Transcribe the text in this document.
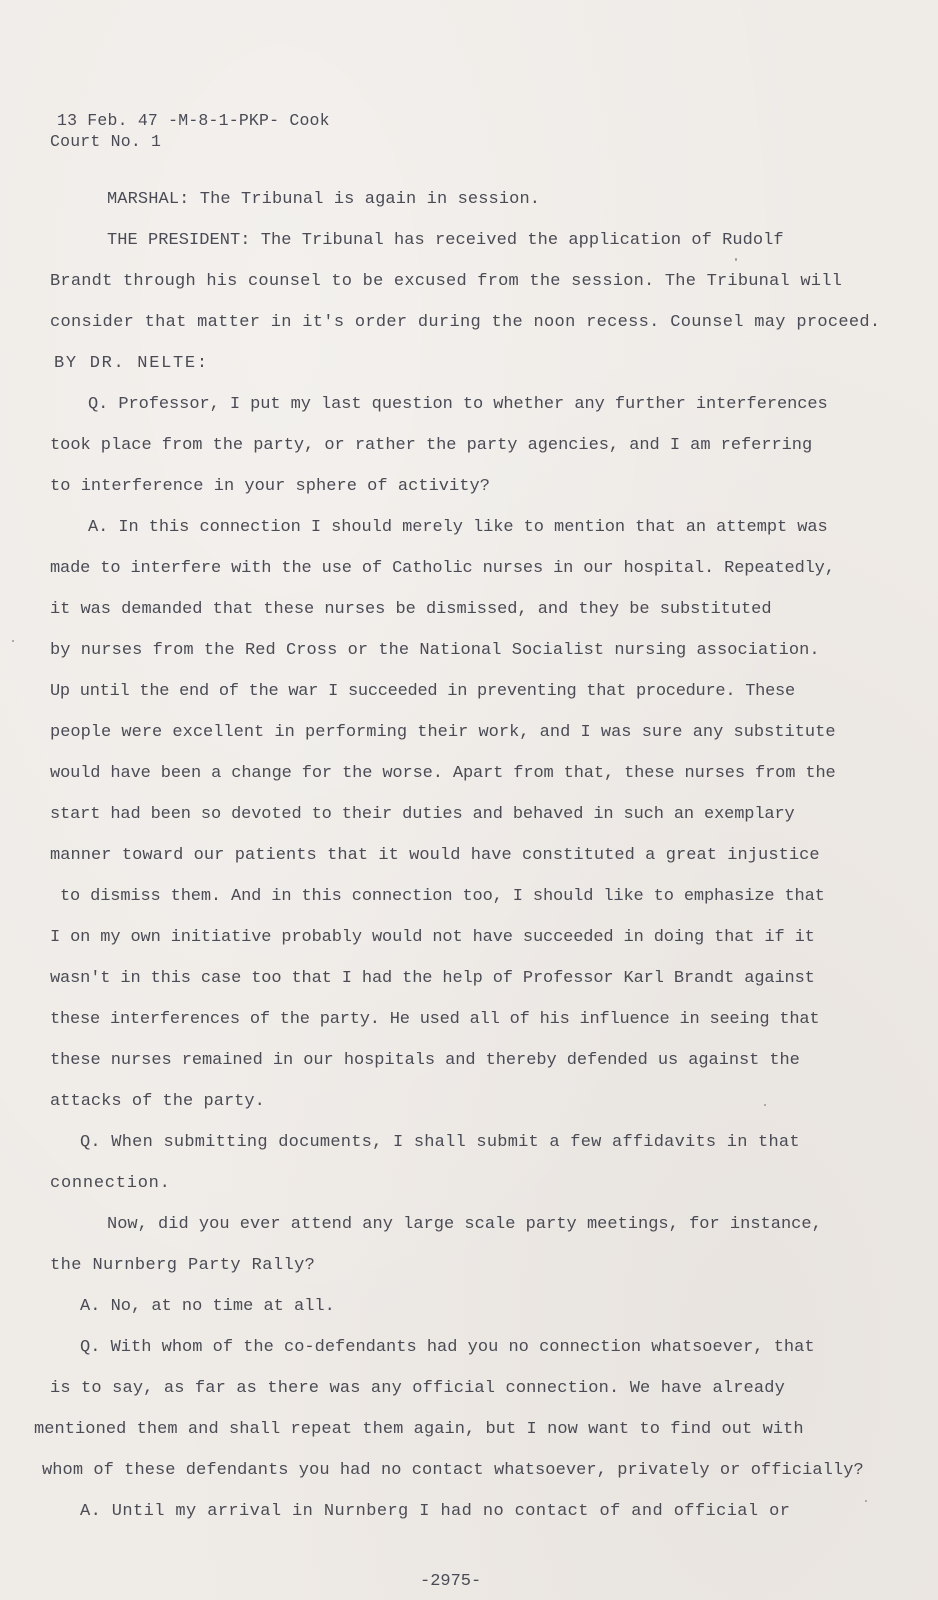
13 Feb. 47 -M-8-1-PKP- Cook
Court No. 1
MARSHAL: The Tribunal is again in session.
THE PRESIDENT: The Tribunal has received the application of Rudolf
Brandt through his counsel to be excused from the session. The Tribunal will
consider that matter in it's order during the noon recess. Counsel may proceed.
BY DR. NELTE:
Q. Professor, I put my last question to whether any further interferences
took place from the party, or rather the party agencies, and I am referring
to interference in your sphere of activity?
A. In this connection I should merely like to mention that an attempt was
made to interfere with the use of Catholic nurses in our hospital. Repeatedly,
it was demanded that these nurses be dismissed, and they be substituted
by nurses from the Red Cross or the National Socialist nursing association.
Up until the end of the war I succeeded in preventing that procedure. These
people were excellent in performing their work, and I was sure any substitute
would have been a change for the worse. Apart from that, these nurses from the
start had been so devoted to their duties and behaved in such an exemplary
manner toward our patients that it would have constituted a great injustice
to dismiss them. And in this connection too, I should like to emphasize that
I on my own initiative probably would not have succeeded in doing that if it
wasn't in this case too that I had the help of Professor Karl Brandt against
these interferences of the party. He used all of his influence in seeing that
these nurses remained in our hospitals and thereby defended us against the
attacks of the party.
Q. When submitting documents, I shall submit a few affidavits in that
connection.
Now, did you ever attend any large scale party meetings, for instance,
the Nurnberg Party Rally?
A. No, at no time at all.
Q. With whom of the co-defendants had you no connection whatsoever, that
is to say, as far as there was any official connection. We have already
mentioned them and shall repeat them again, but I now want to find out with
whom of these defendants you had no contact whatsoever, privately or officially?
A. Until my arrival in Nurnberg I had no contact of and official or
-2975-
